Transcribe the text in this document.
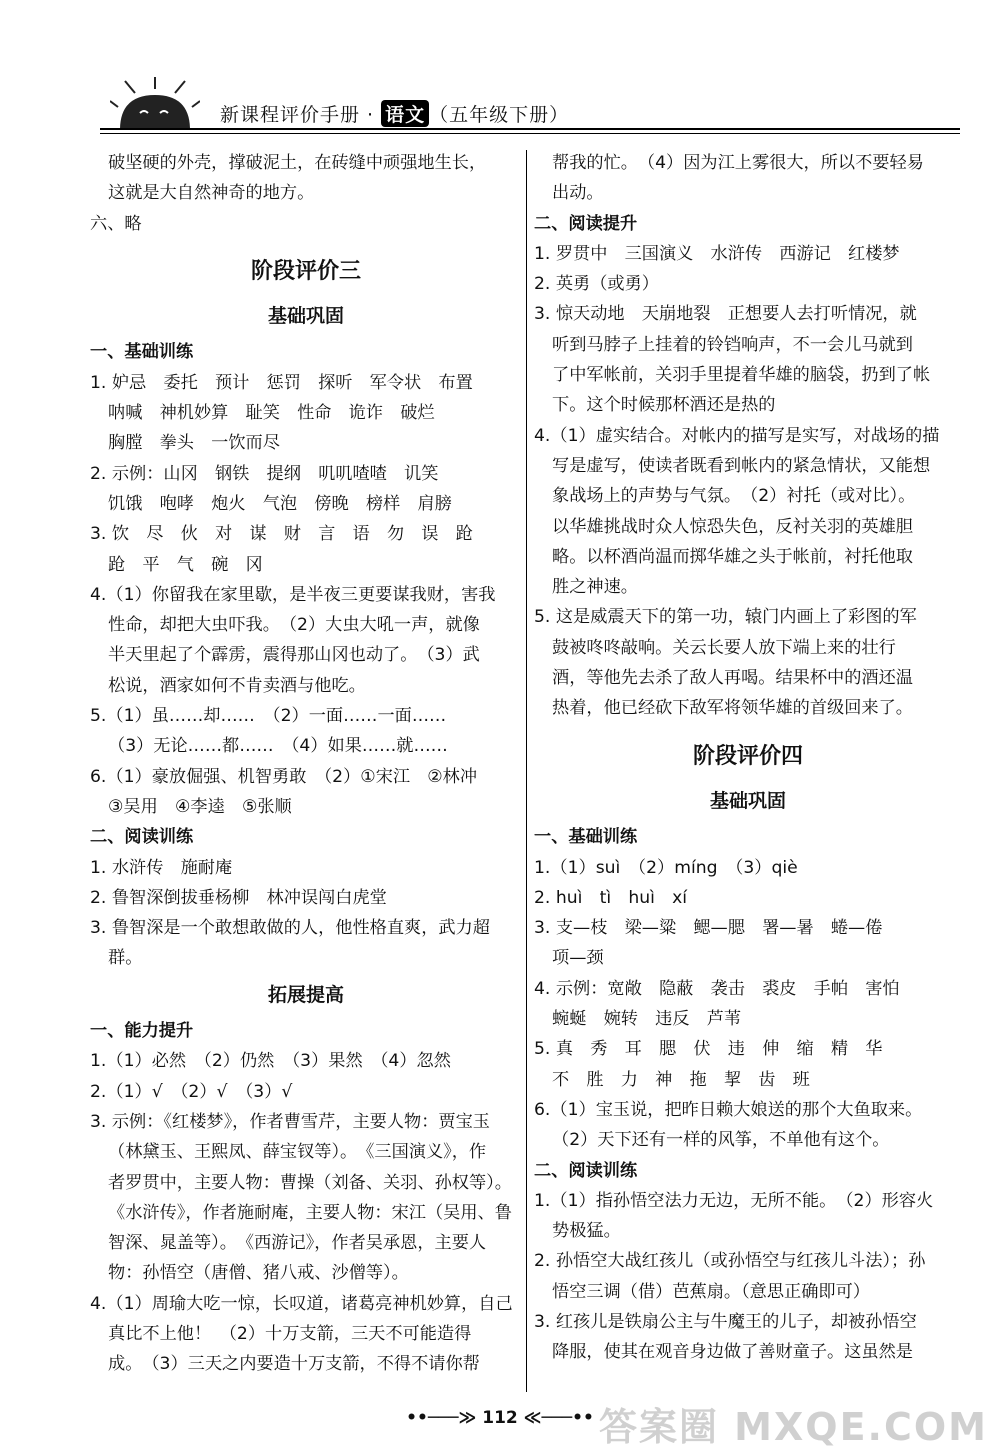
新课程评价手册 · 语文 （五年级下册）
破坚硬的外壳，撑破泥土，在砖缝中顽强地生长，
这就是大自然神奇的地方。
六、略
阶段评价三
基础巩固
一、基础训练
1. 妒忌　委托　预计　惩罚　探听　军令状　布置
呐喊　神机妙算　耻笑　性命　诡诈　破烂
胸膛　拳头　一饮而尽
2. 示例：山冈　钢铁　提纲　叽叽喳喳　讥笑
饥饿　咆哮　炮火　气泡　傍晚　榜样　肩膀
3. 饮　尽　伙　对　谋　财　言　语　勿　误　跄
跄　平　气　碗　冈
4.（1）你留我在家里歇，是半夜三更要谋我财，害我
性命，却把大虫吓我。　（2）大虫大吼一声，就像
半天里起了个霹雳，震得那山冈也动了。　（3）武
松说，酒家如何不肯卖酒与他吃。
5.（1）虽……却……　（2）一面……一面……
（3）无论……都……　（4）如果……就……
6.（1）豪放倔强、机智勇敢　（2）①宋江　②林冲
③吴用　④李逵　⑤张顺
二、阅读训练
1. 水浒传　施耐庵
2. 鲁智深倒拔垂杨柳　林冲误闯白虎堂
3. 鲁智深是一个敢想敢做的人，他性格直爽，武力超
群。
拓展提高
一、能力提升
1.（1）必然　（2）仍然　（3）果然　（4）忽然
2.（1）√　（2）√　（3）√
3. 示例：《红楼梦》，作者曹雪芹，主要人物：贾宝玉
（林黛玉、王熙凤、薛宝钗等）。　《三国演义》，作
者罗贯中，主要人物：曹操（刘备、关羽、孙权等）。
《水浒传》，作者施耐庵，主要人物：宋江（吴用、鲁
智深、晁盖等）。　《西游记》，作者吴承恩，主要人
物：孙悟空（唐僧、猪八戒、沙僧等）。
4.（1）周瑜大吃一惊，长叹道，诸葛亮神机妙算，自己
真比不上他！　（2）十万支箭，三天不可能造得
成。　（3）三天之内要造十万支箭，不得不请你帮
帮我的忙。　（4）因为江上雾很大，所以不要轻易
出动。
二、阅读提升
1. 罗贯中　三国演义　水浒传　西游记　红楼梦
2. 英勇（或勇）
3. 惊天动地　天崩地裂　正想要人去打听情况，就
听到马脖子上挂着的铃铛响声，不一会儿马就到
了中军帐前，关羽手里提着华雄的脑袋，扔到了帐
下。这个时候那杯酒还是热的
4.（1）虚实结合。对帐内的描写是实写，对战场的描
写是虚写，使读者既看到帐内的紧急情状，又能想
象战场上的声势与气氛。　（2）衬托（或对比）。
以华雄挑战时众人惊恐失色，反衬关羽的英雄胆
略。以杯酒尚温而掷华雄之头于帐前，衬托他取
胜之神速。
5. 这是威震天下的第一功，辕门内画上了彩图的军
鼓被咚咚敲响。关云长要人放下端上来的壮行
酒，等他先去杀了敌人再喝。结果杯中的酒还温
热着，他已经砍下敌军将领华雄的首级回来了。
阶段评价四
基础巩固
一、基础训练
1.（1）suì　（2）míng　（3）qiè
2. huì　tì　huì　xí
3. 支—枝　梁—粱　鳃—腮　署—暑　蜷—倦
项—颈
4. 示例：宽敞　隐蔽　袭击　裘皮　手帕　害怕
蜿蜒　婉转　违反　芦苇
5. 真　秀　耳　腮　伏　违　伸　缩　精　华
不　胜　力　神　拖　挈　齿　班
6.（1）宝玉说，把昨日赖大娘送的那个大鱼取来。
（2）天下还有一样的风筝，不单他有这个。
二、阅读训练
1.（1）指孙悟空法力无边，无所不能。　（2）形容火
势极猛。
2. 孙悟空大战红孩儿（或孙悟空与红孩儿斗法）；孙
悟空三调（借）芭蕉扇。（意思正确即可）
3. 红孩儿是铁扇公主与牛魔王的儿子，却被孙悟空
降服，使其在观音身边做了善财童子。这虽然是
••───≫ 112 ≪───•• 答案圈 MXQE.COM
